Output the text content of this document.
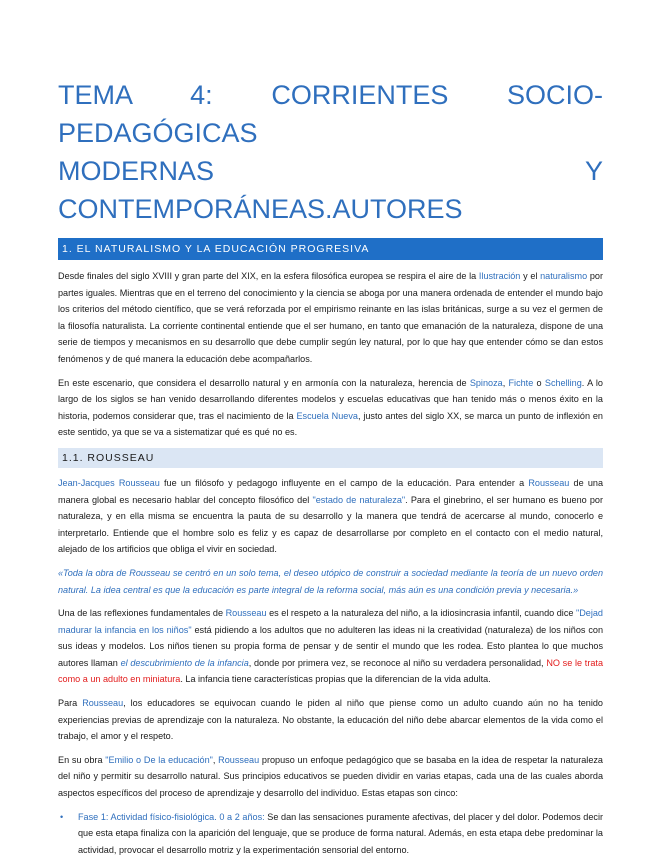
TEMA 4: CORRIENTES SOCIO-PEDAGÓGICAS
MODERNAS Y CONTEMPORÁNEAS.AUTORES
1. EL NATURALISMO Y LA EDUCACIÓN PROGRESIVA

Desde finales del siglo XVIII y gran parte del XIX, en la esfera filosófica europea se respira el aire de la Ilustración y el naturalismo por partes iguales. Mientras que en el terreno del conocimiento y la ciencia se aboga por una manera ordenada de entender el mundo bajo los criterios del método científico, que se verá reforzada por el empirismo reinante en las islas británicas, surge a su vez el germen de la filosofía naturalista. La corriente continental entiende que el ser humano, en tanto que emanación de la naturaleza, dispone de una serie de tiempos y mecanismos en su desarrollo que debe cumplir según ley natural, por lo que hay que entender cómo se dan estos fenómenos y de qué manera la educación debe acompañarlos.

En este escenario, que considera el desarrollo natural y en armonía con la naturaleza, herencia de Spinoza, Fichte o Schelling. A lo largo de los siglos se han venido desarrollando diferentes modelos y escuelas educativas que han tenido más o menos éxito en la historia, podemos considerar que, tras el nacimiento de la Escuela Nueva, justo antes del siglo XX, se marca un punto de inflexión en este sentido, ya que se va a sistematizar qué es qué no es.

1.1. ROUSSEAU

Jean-Jacques Rousseau fue un filósofo y pedagogo influyente en el campo de la educación. Para entender a Rousseau de una manera global es necesario hablar del concepto filosófico del "estado de naturaleza". Para el ginebrino, el ser humano es bueno por naturaleza, y en ella misma se encuentra la pauta de su desarrollo y la manera que tendrá de acercarse al mundo, conocerlo e interpretarlo. Entiende que el hombre solo es feliz y es capaz de desarrollarse por completo en el contacto con el medio natural, alejado de los artificios que obliga el vivir en sociedad.

«Toda la obra de Rousseau se centró en un solo tema, el deseo utópico de construir a sociedad mediante la teoría de un nuevo orden natural. La idea central es que la educación es parte integral de la reforma social, más aún es una condición previa y necesaria.»

Una de las reflexiones fundamentales de Rousseau es el respeto a la naturaleza del niño, a la idiosincrasia infantil, cuando dice "Dejad madurar la infancia en los niños" está pidiendo a los adultos que no adulteren las ideas ni la creatividad (naturaleza) de los niños con sus ideas y modelos. Los niños tienen su propia forma de pensar y de sentir el mundo que les rodea. Esto plantea lo que muchos autores llaman el descubrimiento de la infancia, donde por primera vez, se reconoce al niño su verdadera personalidad, NO se le trata como a un adulto en miniatura. La infancia tiene características propias que la diferencian de la vida adulta.

Para Rousseau, los educadores se equivocan cuando le piden al niño que piense como un adulto cuando aún no ha tenido experiencias previas de aprendizaje con la naturaleza. No obstante, la educación del niño debe abarcar elementos de la vida como el trabajo, el amor y el respeto.

En su obra "Emilio o De la educación", Rousseau propuso un enfoque pedagógico que se basaba en la idea de respetar la naturaleza del niño y permitir su desarrollo natural. Sus principios educativos se pueden dividir en varias etapas, cada una de las cuales aborda aspectos específicos del proceso de aprendizaje y desarrollo del individuo. Estas etapas son cinco:

•	Fase 1: Actividad físico-fisiológica. 0 a 2 años: Se dan las sensaciones puramente afectivas, del placer y del dolor. Podemos decir que esta etapa finaliza con la aparición del lenguaje, que se produce de forma natural. Además, en esta etapa debe predominar la actividad, provocar el desarrollo motriz y la experimentación sensorial del entorno.
